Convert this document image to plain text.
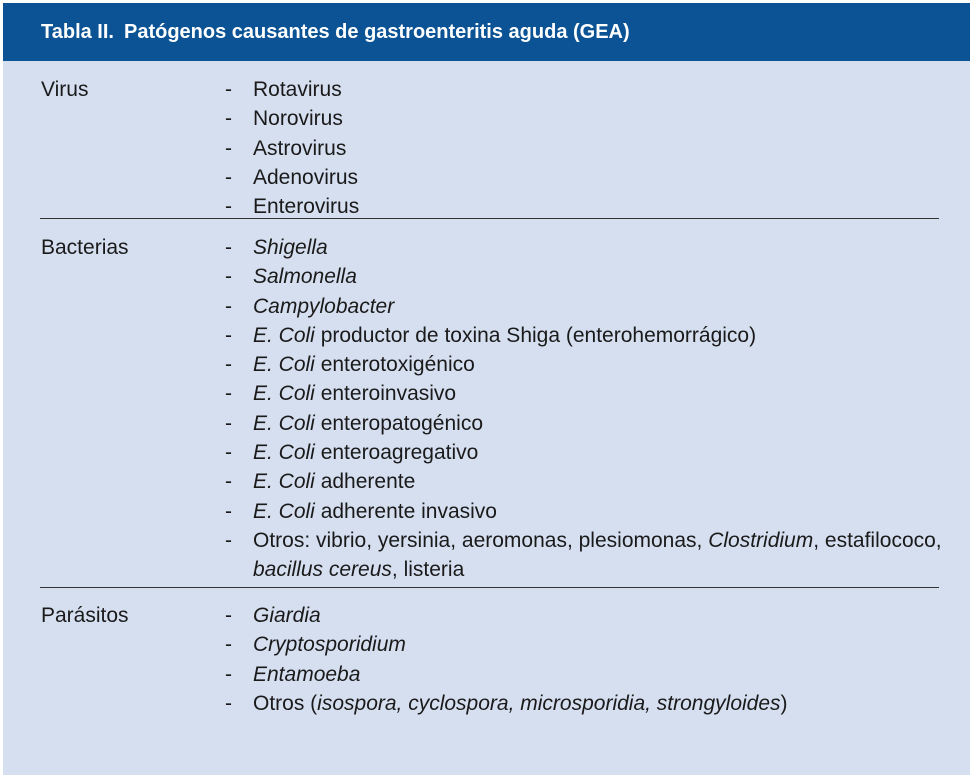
Tabla II. Patógenos causantes de gastroenteritis aguda (GEA)
Virus	- Rotavirus
- Norovirus
- Astrovirus
- Adenovirus
- Enterovirus
Bacterias	- Shigella
- Salmonella
- Campylobacter
- E. Coli productor de toxina Shiga (enterohemorrágico)
- E. Coli enterotoxigénico
- E. Coli enteroinvasivo
- E. Coli enteropatogénico
- E. Coli enteroagregativo
- E. Coli adherente
- E. Coli adherente invasivo
- Otros: vibrio, yersinia, aeromonas, plesiomonas, Clostridium, estafilococo, bacillus cereus, listeria
Parásitos	- Giardia
- Cryptosporidium
- Entamoeba
- Otros (isospora, cyclospora, microsporidia, strongyloides)
